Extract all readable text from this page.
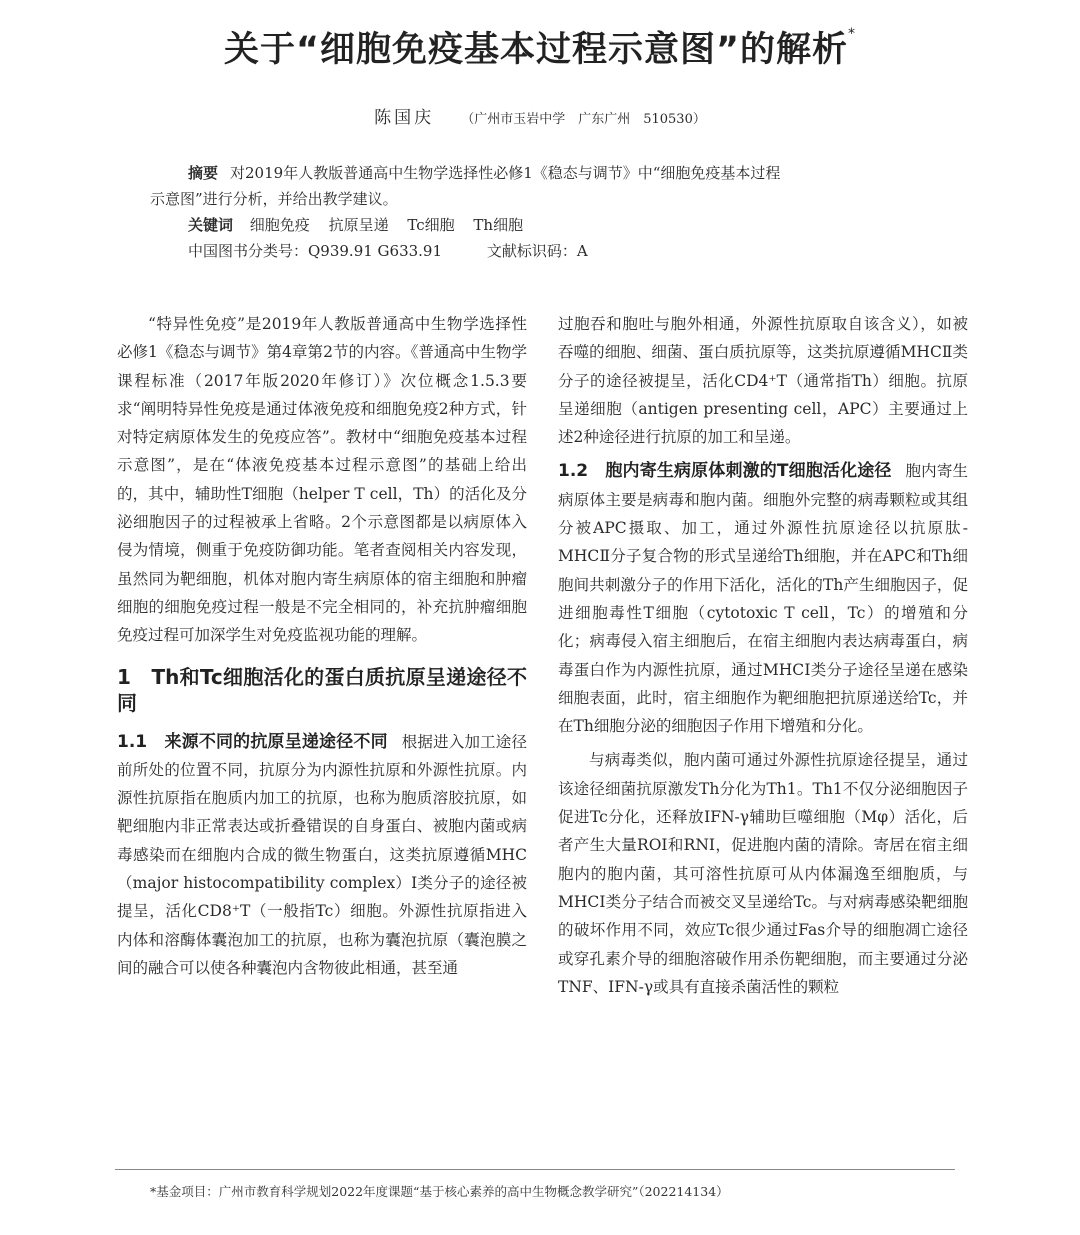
关于“细胞免疫基本过程示意图”的解析*
陈国庆 （广州市玉岩中学　广东广州　510530）
摘要 对2019年人教版普通高中生物学选择性必修1《稳态与调节》中“细胞免疫基本过程
示意图”进行分析，并给出教学建议。
关键词 细胞免疫 抗原呈递 Tc细胞 Th细胞
中国图书分类号：Q939.91 G633.91	文献标识码：A

“特异性免疫”是2019年人教版普通高中生物学选择性必修1《稳态与调节》第4章第2节的内容。《普通高中生物学课程标准（2017年版2020年修订）》次位概念1.5.3要求“阐明特异性免疫是通过体液免疫和细胞免疫2种方式，针对特定病原体发生的免疫应答”。教材中“细胞免疫基本过程示意图”，是在“体液免疫基本过程示意图”的基础上给出的，其中，辅助性T细胞（helper T cell，Th）的活化及分泌细胞因子的过程被承上省略。2个示意图都是以病原体入侵为情境，侧重于免疫防御功能。笔者查阅相关内容发现，虽然同为靶细胞，机体对胞内寄生病原体的宿主细胞和肿瘤细胞的细胞免疫过程一般是不完全相同的，补充抗肿瘤细胞免疫过程可加深学生对免疫监视功能的理解。

1　Th和Tc细胞活化的蛋白质抗原呈递途径不同

1.1　来源不同的抗原呈递途径不同 根据进入加工途径前所处的位置不同，抗原分为内源性抗原和外源性抗原。内源性抗原指在胞质内加工的抗原，也称为胞质溶胶抗原，如靶细胞内非正常表达或折叠错误的自身蛋白、被胞内菌或病毒感染而在细胞内合成的微生物蛋白，这类抗原遵循MHC（major histocompatibility complex）Ⅰ类分子的途径被提呈，活化CD8⁺T（一般指Tc）细胞。外源性抗原指进入内体和溶酶体囊泡加工的抗原，也称为囊泡抗原（囊泡膜之间的融合可以使各种囊泡内含物彼此相通，甚至通

过胞吞和胞吐与胞外相通，外源性抗原取自该含义），如被吞噬的细胞、细菌、蛋白质抗原等，这类抗原遵循MHCⅡ类分子的途径被提呈，活化CD4⁺T（通常指Th）细胞。抗原呈递细胞（antigen presenting cell，APC）主要通过上述2种途径进行抗原的加工和呈递。

1.2　胞内寄生病原体刺激的T细胞活化途径 胞内寄生病原体主要是病毒和胞内菌。细胞外完整的病毒颗粒或其组分被APC摄取、加工，通过外源性抗原途径以抗原肽-MHCⅡ分子复合物的形式呈递给Th细胞，并在APC和Th细胞间共刺激分子的作用下活化，活化的Th产生细胞因子，促进细胞毒性T细胞（cytotoxic T cell，Tc）的增殖和分化；病毒侵入宿主细胞后，在宿主细胞内表达病毒蛋白，病毒蛋白作为内源性抗原，通过MHCⅠ类分子途径呈递在感染细胞表面，此时，宿主细胞作为靶细胞把抗原递送给Tc，并在Th细胞分泌的细胞因子作用下增殖和分化。

与病毒类似，胞内菌可通过外源性抗原途径提呈，通过该途径细菌抗原激发Th分化为Th1。Th1不仅分泌细胞因子促进Tc分化，还释放IFN-γ辅助巨噬细胞（Mφ）活化，后者产生大量ROI和RNI，促进胞内菌的清除。寄居在宿主细胞内的胞内菌，其可溶性抗原可从内体漏逸至细胞质，与MHCⅠ类分子结合而被交叉呈递给Tc。与对病毒感染靶细胞的破坏作用不同，效应Tc很少通过Fas介导的细胞凋亡途径或穿孔素介导的细胞溶破作用杀伤靶细胞，而主要通过分泌TNF、IFN-γ或具有直接杀菌活性的颗粒

*基金项目：广州市教育科学规划2022年度课题“基于核心素养的高中生物概念教学研究”（202214134）
